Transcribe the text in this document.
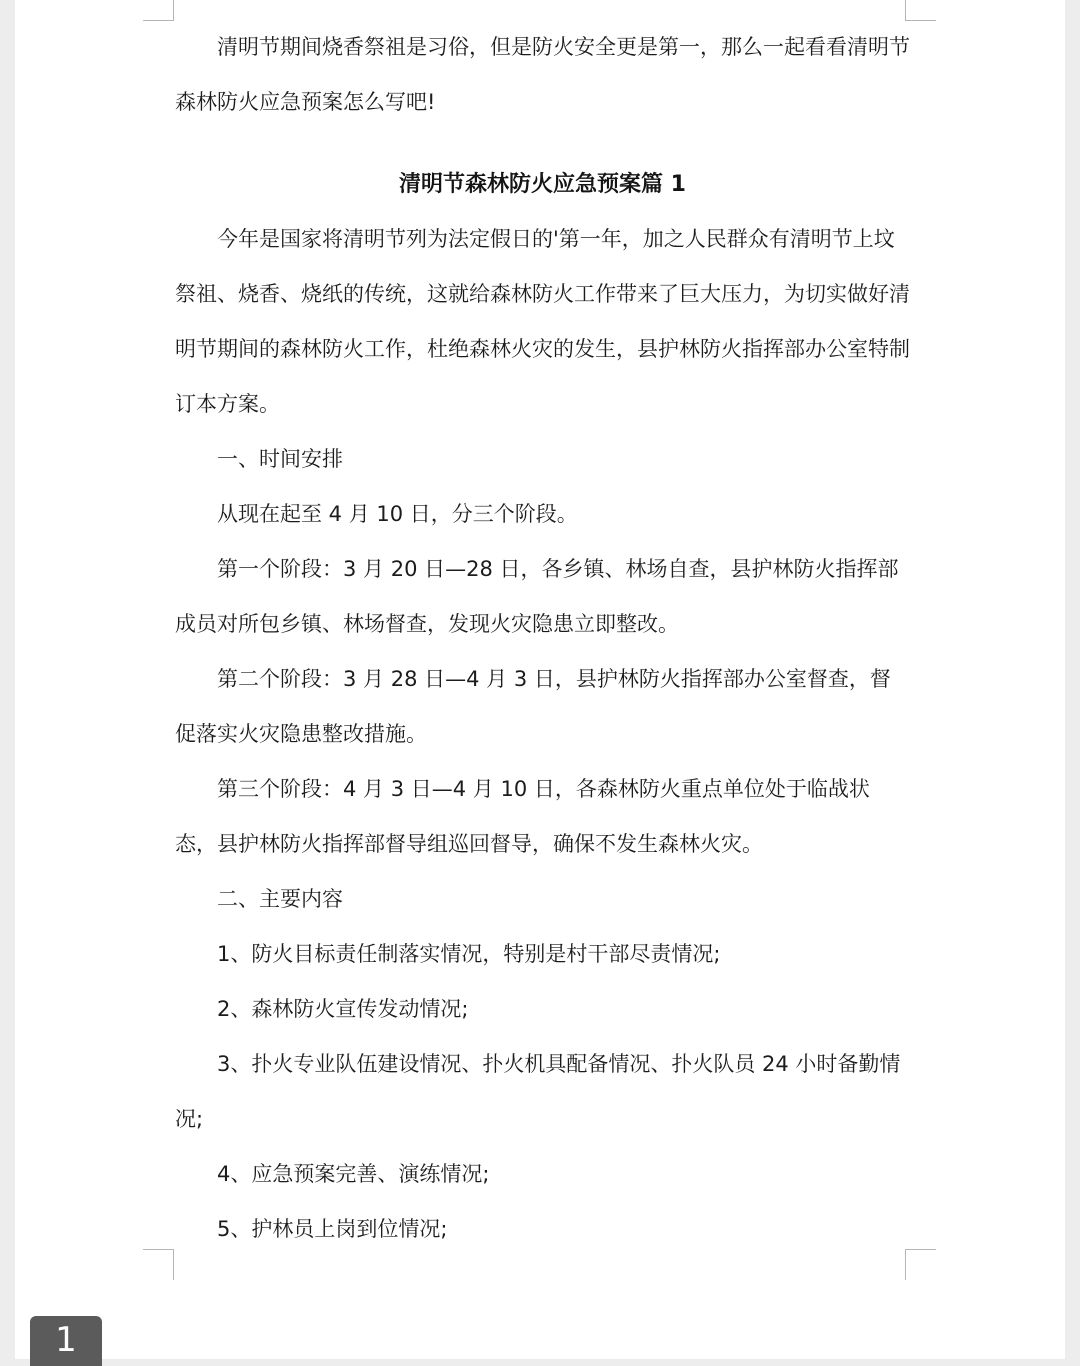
清明节期间烧香祭祖是习俗，但是防火安全更是第一，那么一起看看清明节森林防火应急预案怎么写吧!

清明节森林防火应急预案篇 1

今年是国家将清明节列为法定假日的'第一年，加之人民群众有清明节上坟祭祖、烧香、烧纸的传统，这就给森林防火工作带来了巨大压力，为切实做好清明节期间的森林防火工作，杜绝森林火灾的发生，县护林防火指挥部办公室特制订本方案。

一、时间安排

从现在起至 4 月 10 日，分三个阶段。

第一个阶段：3 月 20 日—28 日，各乡镇、林场自查，县护林防火指挥部成员对所包乡镇、林场督查，发现火灾隐患立即整改。

第二个阶段：3 月 28 日—4 月 3 日，县护林防火指挥部办公室督查，督促落实火灾隐患整改措施。

第三个阶段：4 月 3 日—4 月 10 日，各森林防火重点单位处于临战状态，县护林防火指挥部督导组巡回督导，确保不发生森林火灾。

二、主要内容

1、防火目标责任制落实情况，特别是村干部尽责情况;

2、森林防火宣传发动情况;

3、扑火专业队伍建设情况、扑火机具配备情况、扑火队员 24 小时备勤情况;

4、应急预案完善、演练情况;

5、护林员上岗到位情况;

1
